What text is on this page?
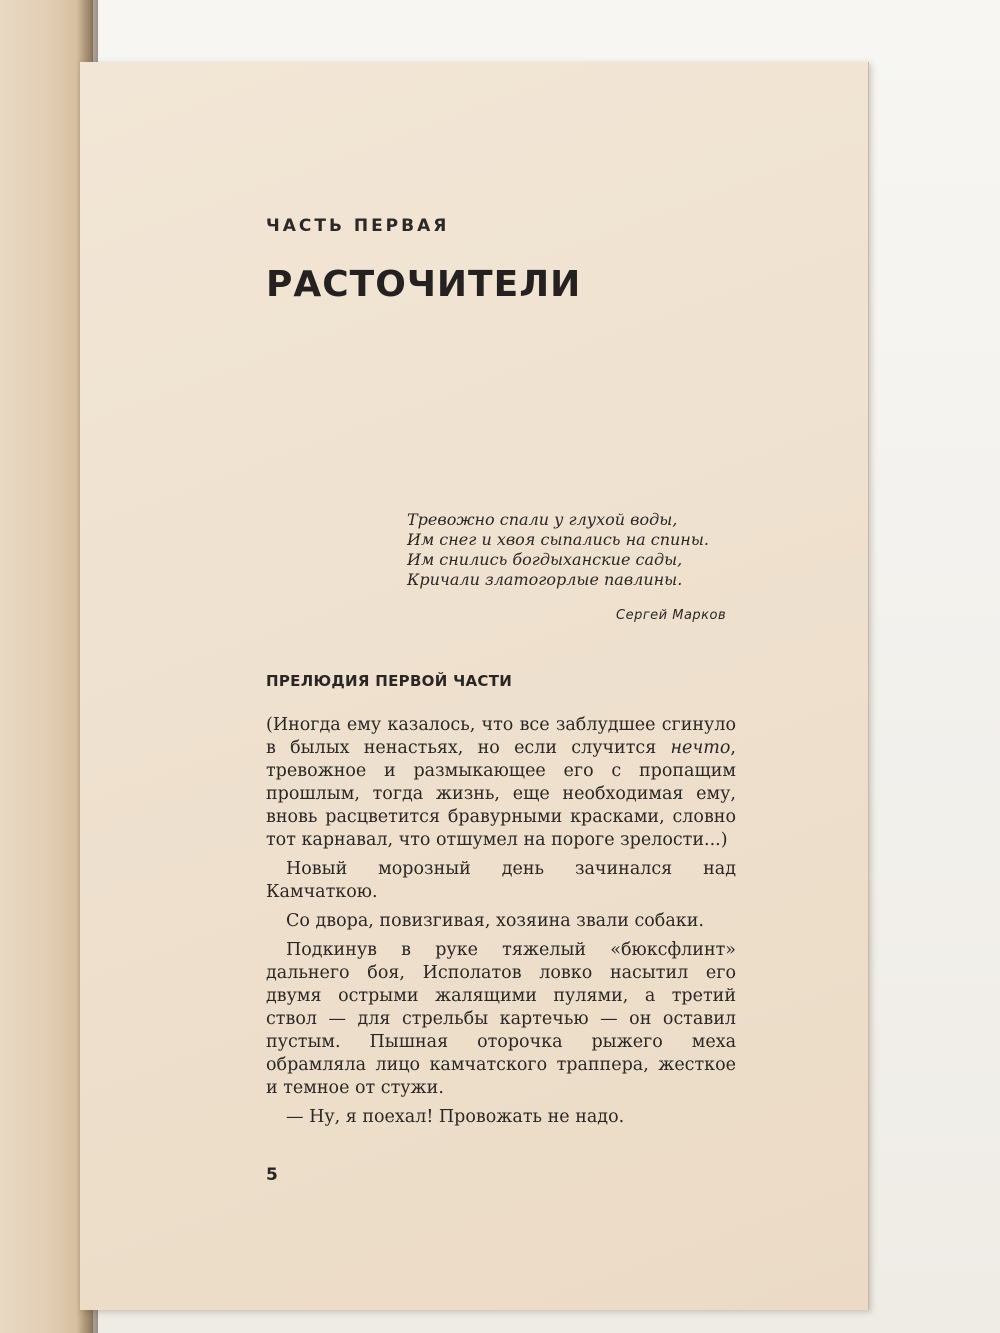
ЧАСТЬ ПЕРВАЯ
РАСТОЧИТЕЛИ
Тревожно спали у глухой воды,
Им снег и хвоя сыпались на спины.
Им снились богдыханские сады,
Кричали златогорлые павлины.
Сергей Марков
ПРЕЛЮДИЯ ПЕРВОЙ ЧАСТИ

(Иногда ему казалось, что все заблудшее сгинуло в былых ненастьях, но если случится нечто, тревожное и размыкающее его с пропащим прошлым, тогда жизнь, еще необходимая ему, вновь расцветится бравурными красками, словно тот карнавал, что отшумел на пороге зрелости...)

Новый морозный день зачинался над Камчаткою.

Со двора, повизгивая, хозяина звали собаки.

Подкинув в руке тяжелый «бюксфлинт» дальнего боя, Исполатов ловко насытил его двумя острыми жалящими пулями, а третий ствол — для стрельбы картечью — он оставил пустым. Пышная оторочка рыжего меха обрамляла лицо камчатского траппера, жесткое и темное от стужи.

— Ну, я поехал! Провожать не надо.

5
